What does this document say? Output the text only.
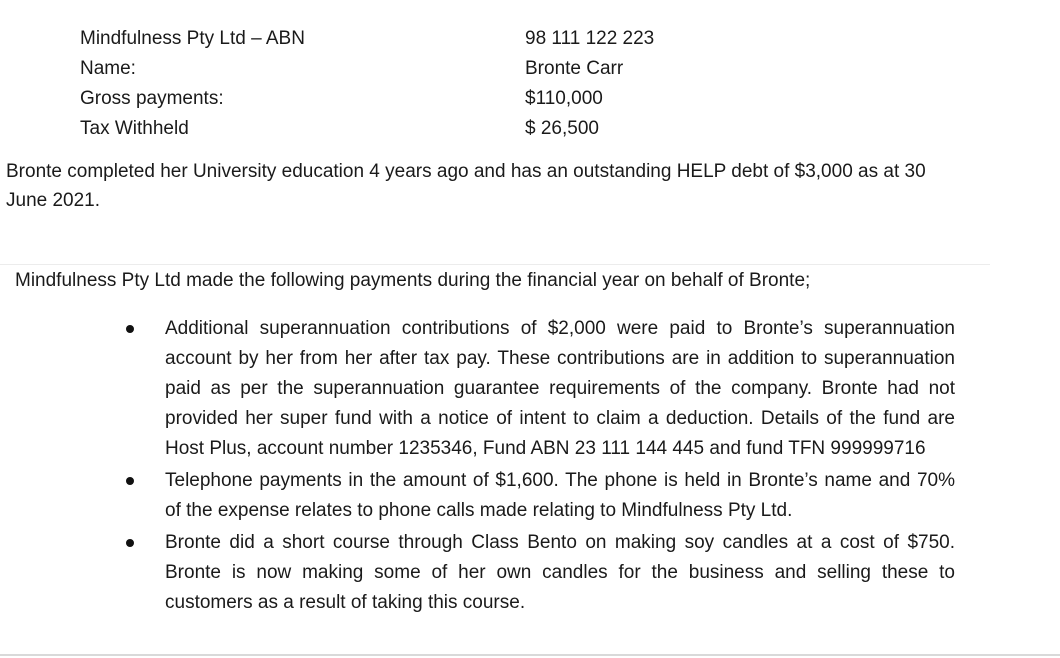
Mindfulness Pty Ltd – ABN	98 111 122 223
Name:	Bronte Carr
Gross payments:	$110,000
Tax Withheld	$ 26,500

Bronte completed her University education 4 years ago and has an outstanding HELP debt of $3,000 as at 30 June 2021.

Mindfulness Pty Ltd made the following payments during the financial year on behalf of Bronte;

Additional superannuation contributions of $2,000 were paid to Bronte’s superannuation account by her from her after tax pay. These contributions are in addition to superannuation paid as per the superannuation guarantee requirements of the company. Bronte had not provided her super fund with a notice of intent to claim a deduction. Details of the fund are Host Plus, account number 1235346, Fund ABN 23 111 144 445 and fund TFN 999999716
Telephone payments in the amount of $1,600. The phone is held in Bronte’s name and 70% of the expense relates to phone calls made relating to Mindfulness Pty Ltd.
Bronte did a short course through Class Bento on making soy candles at a cost of $750. Bronte is now making some of her own candles for the business and selling these to customers as a result of taking this course.
